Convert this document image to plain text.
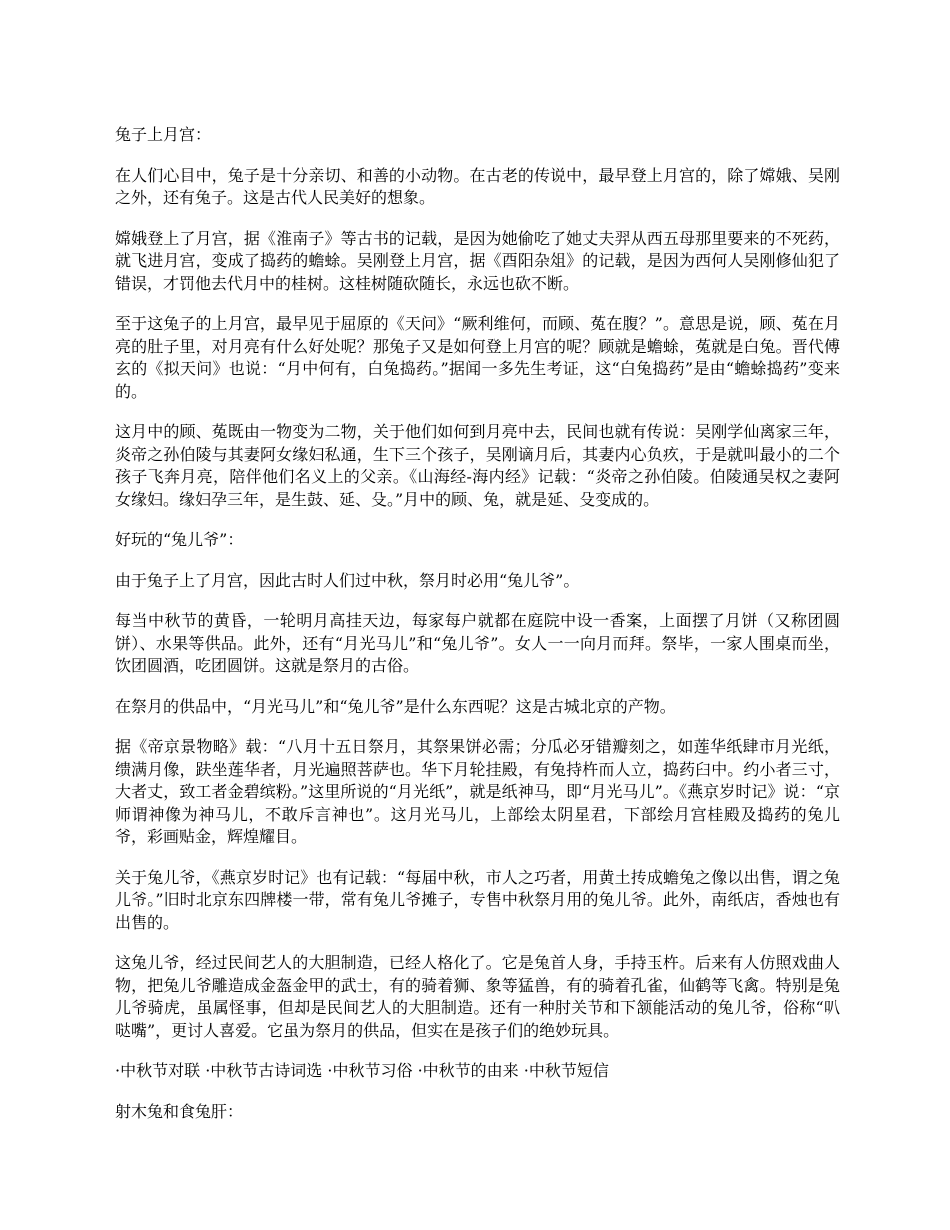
兔子上月宫：

在人们心目中，兔子是十分亲切、和善的小动物。在古老的传说中，最早登上月宫的，除了嫦娥、吴刚之外，还有兔子。这是古代人民美好的想象。

嫦娥登上了月宫，据《淮南子》等古书的记载，是因为她偷吃了她丈夫羿从西五母那里要来的不死药，就飞进月宫，变成了捣药的蟾蜍。吴刚登上月宫，据《酉阳杂俎》的记载，是因为西何人吴刚修仙犯了错误，才罚他去代月中的桂树。这桂树随砍随长，永远也砍不断。

至于这兔子的上月宫，最早见于屈原的《天问》“厥利维何，而顾、菟在腹？”。意思是说，顾、菟在月亮的肚子里，对月亮有什么好处呢？那兔子又是如何登上月宫的呢？顾就是蟾蜍，菟就是白兔。晋代傅玄的《拟天问》也说：“月中何有，白兔捣药。”据闻一多先生考证，这“白兔捣药”是由“蟾蜍捣药”变来的。

这月中的顾、菟既由一物变为二物，关于他们如何到月亮中去，民间也就有传说：吴刚学仙离家三年，炎帝之孙伯陵与其妻阿女缘妇私通，生下三个孩子，吴刚谪月后，其妻内心负疚，于是就叫最小的二个孩子飞奔月亮，陪伴他们名义上的父亲。《山海经-海内经》记载：“炎帝之孙伯陵。伯陵通吴权之妻阿女缘妇。缘妇孕三年，是生鼓、延、殳。”月中的顾、兔，就是延、殳变成的。

好玩的“兔儿爷”：

由于兔子上了月宫，因此古时人们过中秋，祭月时必用“兔儿爷”。

每当中秋节的黄昏，一轮明月高挂天边，每家每户就都在庭院中设一香案，上面摆了月饼（又称团圆饼）、水果等供品。此外，还有“月光马儿”和“兔儿爷”。女人一一向月而拜。祭毕，一家人围桌而坐，饮团圆酒，吃团圆饼。这就是祭月的古俗。

在祭月的供品中，“月光马儿”和“兔儿爷”是什么东西呢？这是古城北京的产物。

据《帝京景物略》载：“八月十五日祭月，其祭果饼必需；分瓜必牙错瓣刻之，如莲华纸肆市月光纸，缋满月像，趺坐莲华者，月光遍照菩萨也。华下月轮挂殿，有兔持杵而人立，捣药臼中。约小者三寸，大者丈，致工者金碧缤粉。”这里所说的“月光纸”，就是纸神马，即“月光马儿”。《燕京岁时记》说：“京师谓神像为神马儿，不敢斥言神也”。这月光马儿，上部绘太阴星君，下部绘月宫桂殿及捣药的兔儿爷，彩画贴金，辉煌耀目。

关于兔儿爷，《燕京岁时记》也有记载：“每届中秋，市人之巧者，用黄土抟成蟾兔之像以出售，谓之兔儿爷。”旧时北京东四牌楼一带，常有兔儿爷摊子，专售中秋祭月用的兔儿爷。此外，南纸店，香烛也有出售的。

这兔儿爷，经过民间艺人的大胆制造，已经人格化了。它是兔首人身，手持玉杵。后来有人仿照戏曲人物，把兔儿爷雕造成金盔金甲的武士，有的骑着狮、象等猛兽，有的骑着孔雀，仙鹤等飞禽。特别是兔儿爷骑虎，虽属怪事，但却是民间艺人的大胆制造。还有一种肘关节和下颔能活动的兔儿爷，俗称“叭哒嘴”，更讨人喜爱。它虽为祭月的供品，但实在是孩子们的绝妙玩具。

·中秋节对联 ·中秋节古诗词选 ·中秋节习俗 ·中秋节的由来 ·中秋节短信

射木兔和食兔肝：
